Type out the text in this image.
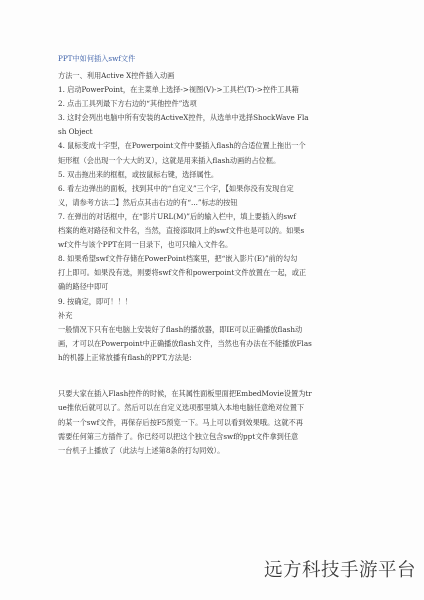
PPT中如何插入swf文件
方法一、利用Active X控件插入动画
1. 启动PowerPoint，在主菜单上选择->视图(V)->工具栏(T)->控件工具箱
2. 点击工具列最下方右边的“其他控件”选项
3. 这时会列出电脑中所有安装的ActiveX控件，从选单中选择ShockWave Fla
sh Object
4. 鼠标变成十字型，在Powerpoint文件中要插入flash的合适位置上拖出一个
矩形框（会出现一个大大的叉），这就是用来插入flash动画的占位框。
5. 双击拖出来的框框，或按鼠标右键，选择属性。
6. 看左边弹出的面板，找到其中的“自定义”三个字，【如果你没有发现自定
义，请参考方法二】然后点其击右边的有“...”标志的按钮
7. 在弹出的对话框中，在“影片URL(M)”后的输入栏中，填上要插入的swf
档案的绝对路径和文件名，当然，直接添取同上的swf文件也是可以的。如果s
wf文件与该个PPT在同一目录下，也可只输入文件名。
8. 如果希望swf文件存储在PowerPoint档案里，把“嵌入影片(E)”前的勾勾
打上即可。如果没有选，则要将swf文件和powerpoint文件放置在一起，或正
确的路径中即可
9. 按确定，即可！！！
补充
一般情况下只有在电脑上安装好了flash的播放器，即IE可以正确播放flash动
画，才可以在Powerpoint中正确播放flash文件，当然也有办法在不能播放Flas
h的机器上正常放播有flash的PPT,方法是:
只要大家在插入Flash控件的时候，在其属性面板里面把EmbedMovie设置为tr
ue推依后就可以了。然后可以在自定义选项那里填入本地电脑任意绝对位置下
的某一个swf文件，再保存后按F5预览一下。马上可以看到效果哦。这就不再
需要任何第三方插件了。你已经可以把这个独立包含swf的ppt文件拿到任意
一台机子上播放了（此法与上述第8条的打勾同效）。
远方科技手游平台
